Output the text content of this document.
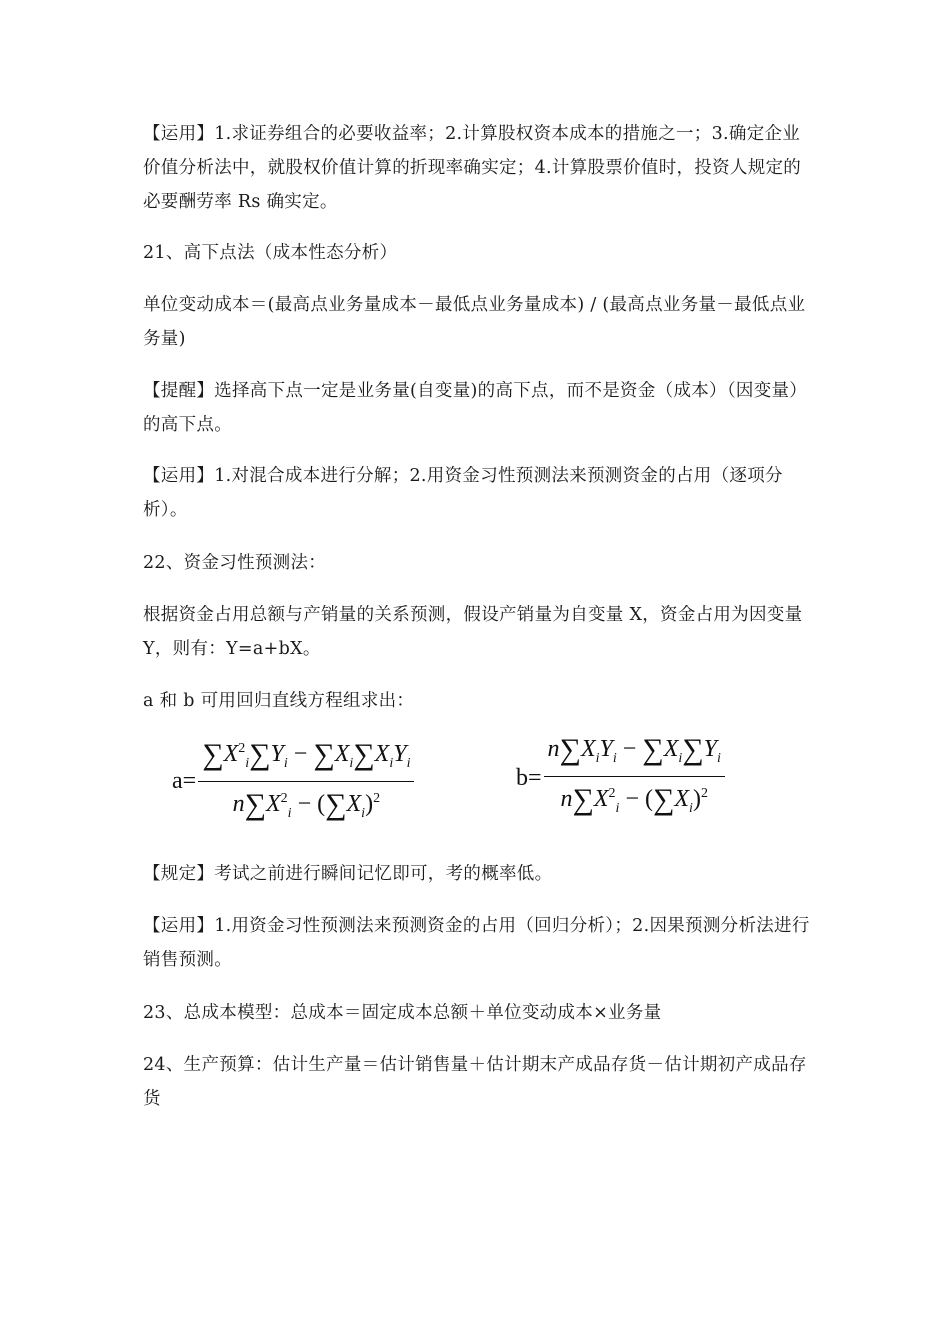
【运用】1.求证券组合的必要收益率；2.计算股权资本成本的措施之一；3.确定企业价值分析法中，就股权价值计算的折现率确实定；4.计算股票价值时，投资人规定的必要酬劳率 Rs 确实定。
21、高下点法（成本性态分析）
单位变动成本＝(最高点业务量成本－最低点业务量成本) / (最高点业务量－最低点业务量)
【提醒】选择高下点一定是业务量(自变量)的高下点，而不是资金（成本）（因变量）的高下点。
【运用】1.对混合成本进行分解；2.用资金习性预测法来预测资金的占用（逐项分析）。
22、资金习性预测法：
根据资金占用总额与产销量的关系预测，假设产销量为自变量 X，资金占用为因变量 Y，则有：Y=a+bX。
a 和 b 可用回归直线方程组求出：
$a= \frac{\sum X^2_i\sum Y_i - \sum X_i\sum X_iY_i}{n\sum X^2_i - (\sum X_i)^2}$	$b= \frac{n\sum X_iY_i - \sum X_i\sum Y_i}{n\sum X^2_i - (\sum X_i)^2}$
【规定】考试之前进行瞬间记忆即可，考的概率低。
【运用】1.用资金习性预测法来预测资金的占用（回归分析）；2.因果预测分析法进行销售预测。
23、总成本模型：总成本＝固定成本总额＋单位变动成本×业务量
24、生产预算：估计生产量＝估计销售量＋估计期末产成品存货－估计期初产成品存货
